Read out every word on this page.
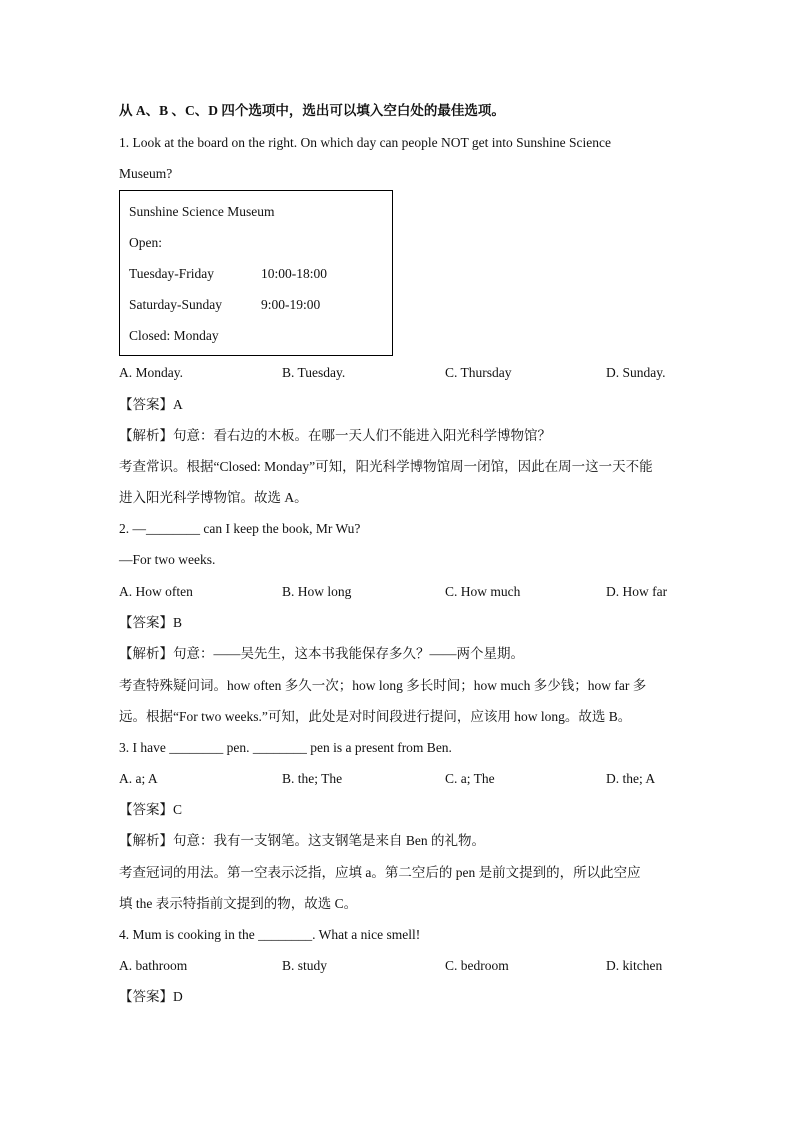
从 A、B 、C、D 四个选项中，选出可以填入空白处的最佳选项。
1. Look at the board on the right. On which day can people NOT get into Sunshine Science
Museum?
Sunshine Science Museum
Open:
Tuesday-Friday	10:00-18:00
Saturday-Sunday	9:00-19:00
Closed: Monday
A. Monday.	B. Tuesday.	C. Thursday	D. Sunday.
【答案】A
【解析】句意：看右边的木板。在哪一天人们不能进入阳光科学博物馆？
考查常识。根据“Closed: Monday”可知，阳光科学博物馆周一闭馆，因此在周一这一天不能
进入阳光科学博物馆。故选 A。
2. —________ can I keep the book, Mr Wu?
—For two weeks.
A. How often	B. How long	C. How much	D. How far
【答案】B
【解析】句意：——吴先生，这本书我能保存多久？——两个星期。
考查特殊疑问词。how often 多久一次；how long 多长时间；how much 多少钱；how far 多
远。根据“For two weeks.”可知，此处是对时间段进行提问，应该用 how long。故选 B。
3. I have ________ pen. ________ pen is a present from Ben.
A. a; A	B. the; The	C. a; The	D. the; A
【答案】C
【解析】句意：我有一支钢笔。这支钢笔是来自 Ben 的礼物。
考查冠词的用法。第一空表示泛指，应填 a。第二空后的 pen 是前文提到的，所以此空应
填 the 表示特指前文提到的物，故选 C。
4. Mum is cooking in the ________. What a nice smell!
A. bathroom	B. study	C. bedroom	D. kitchen
【答案】D
